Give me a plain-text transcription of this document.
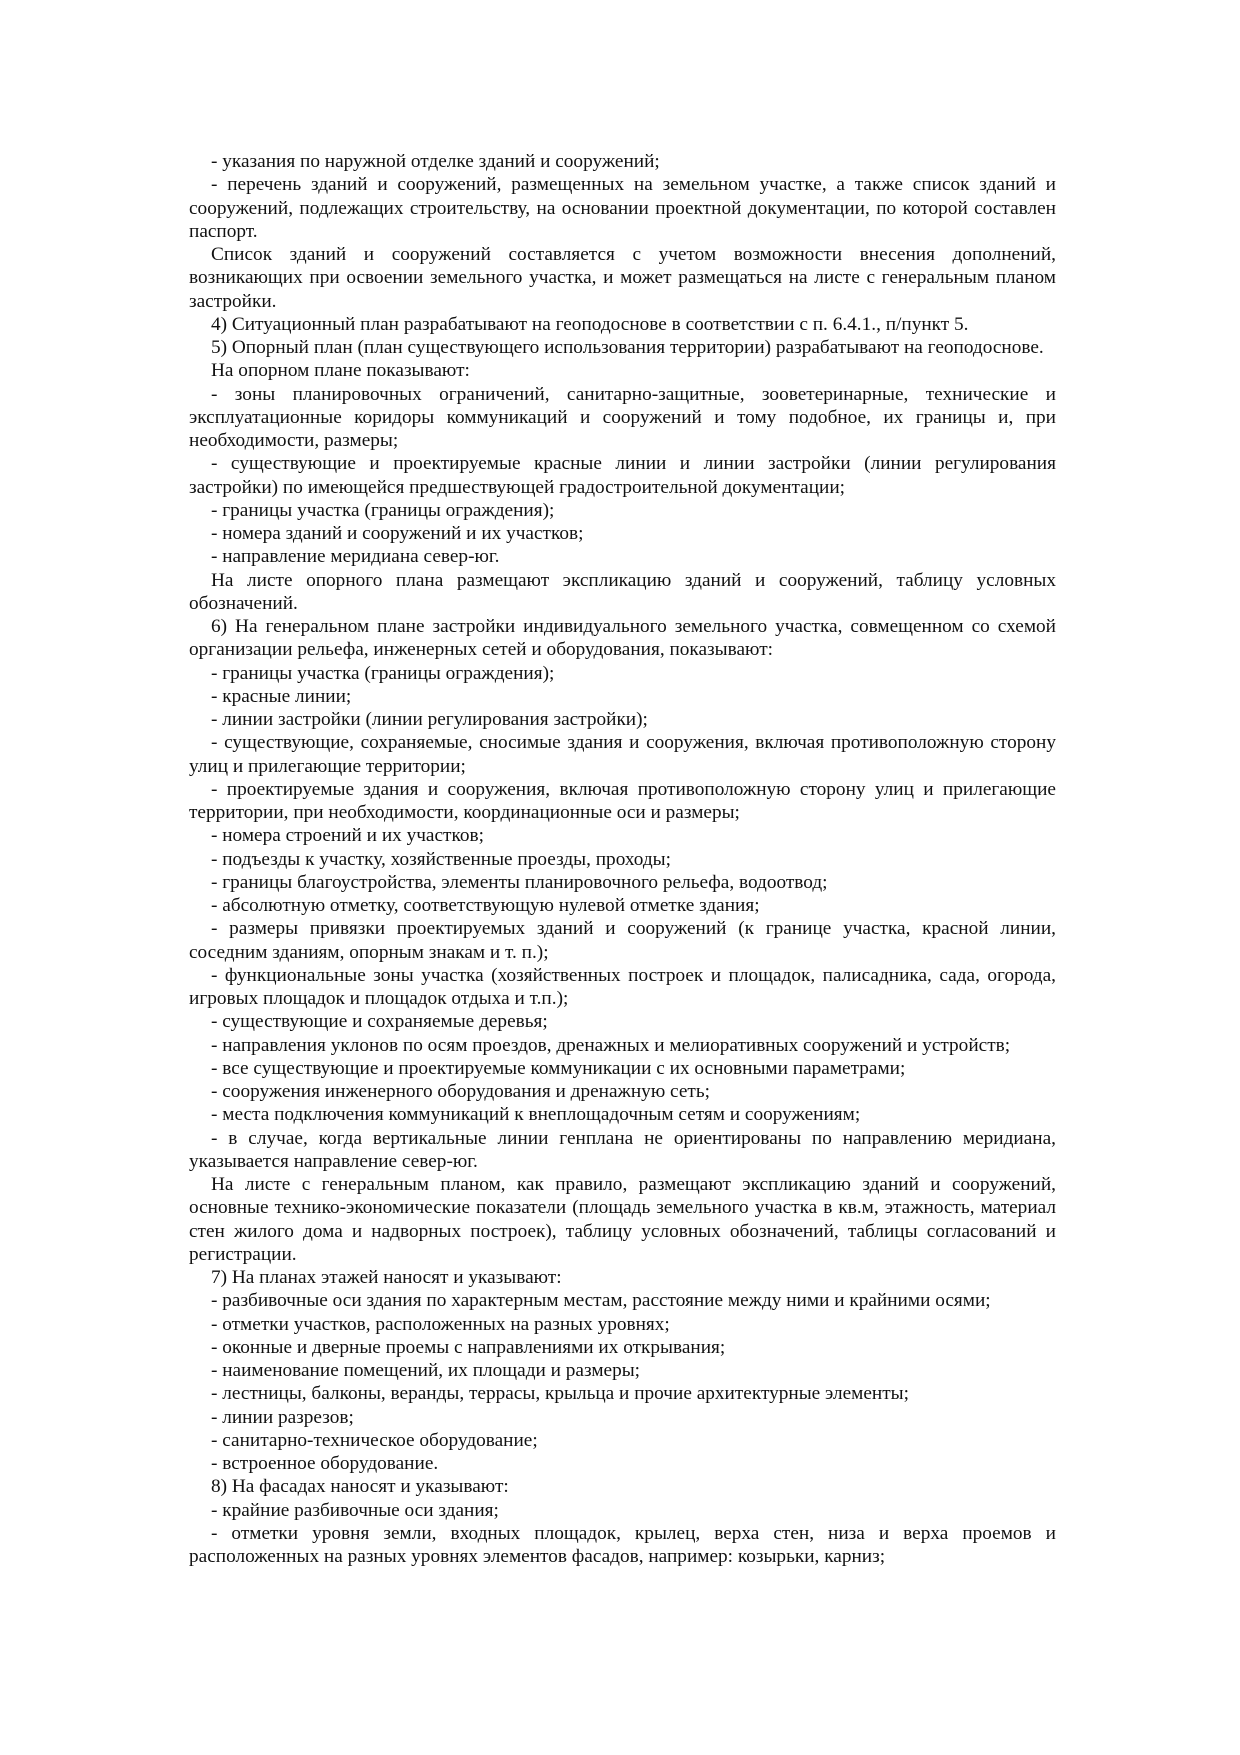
- указания по наружной отделке зданий и сооружений;

- перечень зданий и сооружений, размещенных на земельном участке, а также список зданий и сооружений, подлежащих строительству, на основании проектной документации, по которой составлен паспорт.

Список зданий и сооружений составляется с учетом возможности внесения дополнений, возникающих при освоении земельного участка, и может размещаться на листе с генеральным планом застройки.

4) Ситуационный план разрабатывают на геоподоснове в соответствии с п. 6.4.1., п/пункт 5.

5) Опорный план (план существующего использования территории) разрабатывают на геоподоснове.

На опорном плане показывают:

- зоны планировочных ограничений, санитарно-защитные, зооветеринарные, технические и эксплуатационные коридоры коммуникаций и сооружений и тому подобное, их границы и, при необходимости, размеры;

- существующие и проектируемые красные линии и линии застройки (линии регулирования застройки) по имеющейся предшествующей градостроительной документации;

- границы участка (границы ограждения);

- номера зданий и сооружений и их участков;

- направление меридиана север-юг.

На листе опорного плана размещают экспликацию зданий и сооружений, таблицу условных обозначений.

6) На генеральном плане застройки индивидуального земельного участка, совмещенном со схемой организации рельефа, инженерных сетей и оборудования, показывают:

- границы участка (границы ограждения);

- красные линии;

- линии застройки (линии регулирования застройки);

- существующие, сохраняемые, сносимые здания и сооружения, включая противоположную сторону улиц и прилегающие территории;

- проектируемые здания и сооружения, включая противоположную сторону улиц и прилегающие территории, при необходимости, координационные оси и размеры;

- номера строений и их участков;

- подъезды к участку, хозяйственные проезды, проходы;

- границы благоустройства, элементы планировочного рельефа, водоотвод;

- абсолютную отметку, соответствующую нулевой отметке здания;

- размеры привязки проектируемых зданий и сооружений (к границе участка, красной линии, соседним зданиям, опорным знакам и т. п.);

- функциональные зоны участка (хозяйственных построек и площадок, палисадника, сада, огорода, игровых площадок и площадок отдыха и т.п.);

- существующие и сохраняемые деревья;

- направления уклонов по осям проездов, дренажных и мелиоративных сооружений и устройств;

- все существующие и проектируемые коммуникации с их основными параметрами;

- сооружения инженерного оборудования и дренажную сеть;

- места подключения коммуникаций к внеплощадочным сетям и сооружениям;

- в случае, когда вертикальные линии генплана не ориентированы по направлению меридиана, указывается направление север-юг.

На листе с генеральным планом, как правило, размещают экспликацию зданий и сооружений, основные технико-экономические показатели (площадь земельного участка в кв.м, этажность, материал стен жилого дома и надворных построек), таблицу условных обозначений, таблицы согласований и регистрации.

7) На планах этажей наносят и указывают:

- разбивочные оси здания по характерным местам, расстояние между ними и крайними осями;

- отметки участков, расположенных на разных уровнях;

- оконные и дверные проемы с направлениями их открывания;

- наименование помещений, их площади и размеры;

- лестницы, балконы, веранды, террасы, крыльца и прочие архитектурные элементы;

- линии разрезов;

- санитарно-техническое оборудование;

- встроенное оборудование.

8) На фасадах наносят и указывают:

- крайние разбивочные оси здания;

- отметки уровня земли, входных площадок, крылец, верха стен, низа и верха проемов и расположенных на разных уровнях элементов фасадов, например: козырьки, карниз;
